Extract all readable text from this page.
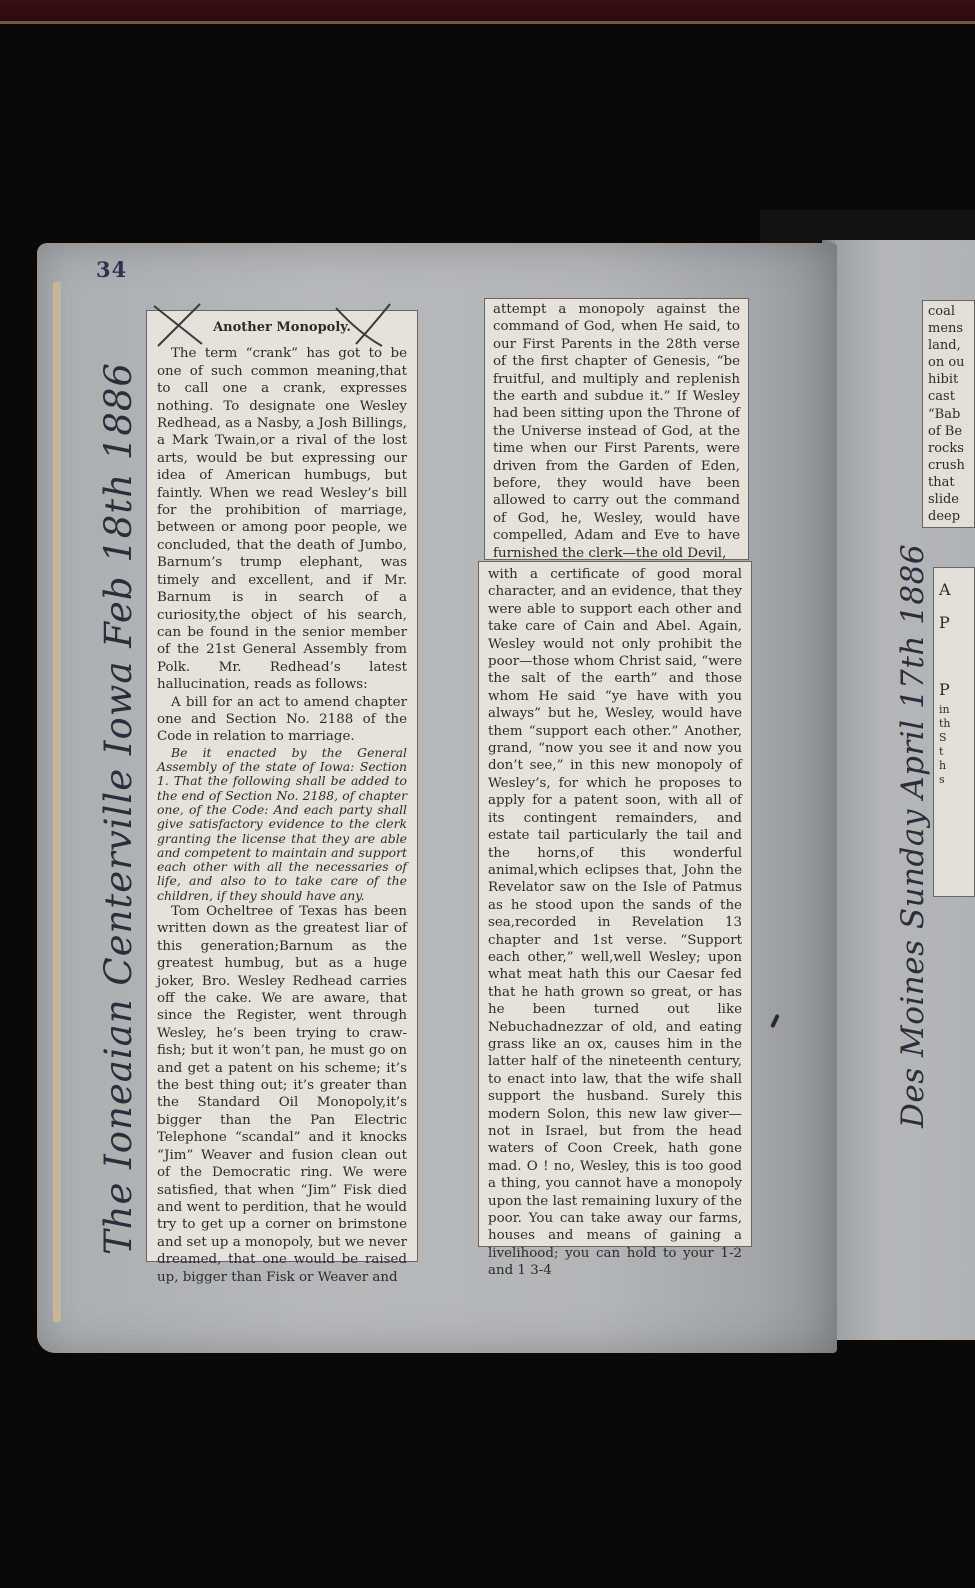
34
Another Monopoly.

The term “crank” has got to be one of such common meaning,that to call one a crank, expresses nothing. To designate one Wesley Redhead, as a Nasby, a Josh Billings, a Mark Twain,or a rival of the lost arts, would be but expressing our idea of American humbugs, but faintly. When we read Wesley’s bill for the prohibition of marriage, between or among poor people, we concluded, that the death of Jumbo, Barnum’s trump elephant, was timely and excellent, and if Mr. Barnum is in search of a curiosity,the object of his search, can be found in the senior member of the 21st General Assembly from Polk. Mr. Redhead’s latest hallucination, reads as follows:

A bill for an act to amend chapter one and Section No. 2188 of the Code in relation to marriage.

Be it enacted by the General Assembly of the state of Iowa: Section 1. That the following shall be added to the end of Section No. 2188, of chapter one, of the Code: And each party shall give satisfactory evidence to the clerk granting the license that they are able and competent to maintain and support each other with all the necessaries of life, and also to to take care of the children, if they should have any.

Tom Ocheltree of Texas has been written down as the greatest liar of this generation;Barnum as the greatest humbug, but as a huge joker, Bro. Wesley Redhead carries off the cake. We are aware, that since the Register, went through Wesley, he’s been trying to craw-fish; but it won’t pan, he must go on and get a patent on his scheme; it’s the best thing out; it’s greater than the Standard Oil Monopoly,it’s bigger than the Pan Electric Telephone “scandal” and it knocks “Jim” Weaver and fusion clean out of the Democratic ring. We were satisfied, that when “Jim” Fisk died and went to perdition, that he would try to get up a corner on brimstone and set up a monopoly, but we never dreamed, that one would be raised up, bigger than Fisk or Weaver and

attempt a monopoly against the command of God, when He said, to our First Parents in the 28th verse of the first chapter of Genesis, “be fruitful, and multiply and replenish the earth and subdue it.” If Wesley had been sitting upon the Throne of the Universe instead of God, at the time when our First Parents, were driven from the Garden of Eden, before, they would have been allowed to carry out the command of God, he, Wesley, would have compelled, Adam and Eve to have furnished the clerk—the old Devil,

with a certificate of good moral character, and an evidence, that they were able to support each other and take care of Cain and Abel. Again, Wesley would not only prohibit the poor—those whom Christ said, “were the salt of the earth” and those whom He said “ye have with you always” but he, Wesley, would have them “support each other.” Another, grand, “now you see it and now you don’t see,” in this new monopoly of Wesley’s, for which he proposes to apply for a patent soon, with all of its contingent remainders, and estate tail particularly the tail and the horns,of this wonderful animal,which eclipses that, John the Revelator saw on the Isle of Patmus as he stood upon the sands of the sea,recorded in Revelation 13 chapter and 1st verse. “Support each other,” well,well Wesley; upon what meat hath this our Caesar fed that he hath grown so great, or has he been turned out like Nebuchadnezzar of old, and eating grass like an ox, causes him in the latter half of the nineteenth century, to enact into law, that the wife shall support the husband. Surely this modern Solon, this new law giver—not in Israel, but from the head waters of Coon Creek, hath gone mad. O ! no, Wesley, this is too good a thing, you cannot have a monopoly upon the last remaining luxury of the poor. You can take away our farms, houses and means of gaining a livelihood; you can hold to your 1-2 and 1 3-4

The Ioneaian Centerville Iowa Feb 18th 1886	Des Moines Sunday April 17th 1886
coal
mens
land,
on ou
hibit
cast
“Bab
of Be
rocks
crush
that
slide
deep
A
P
P
in
th
S
t
h
s
